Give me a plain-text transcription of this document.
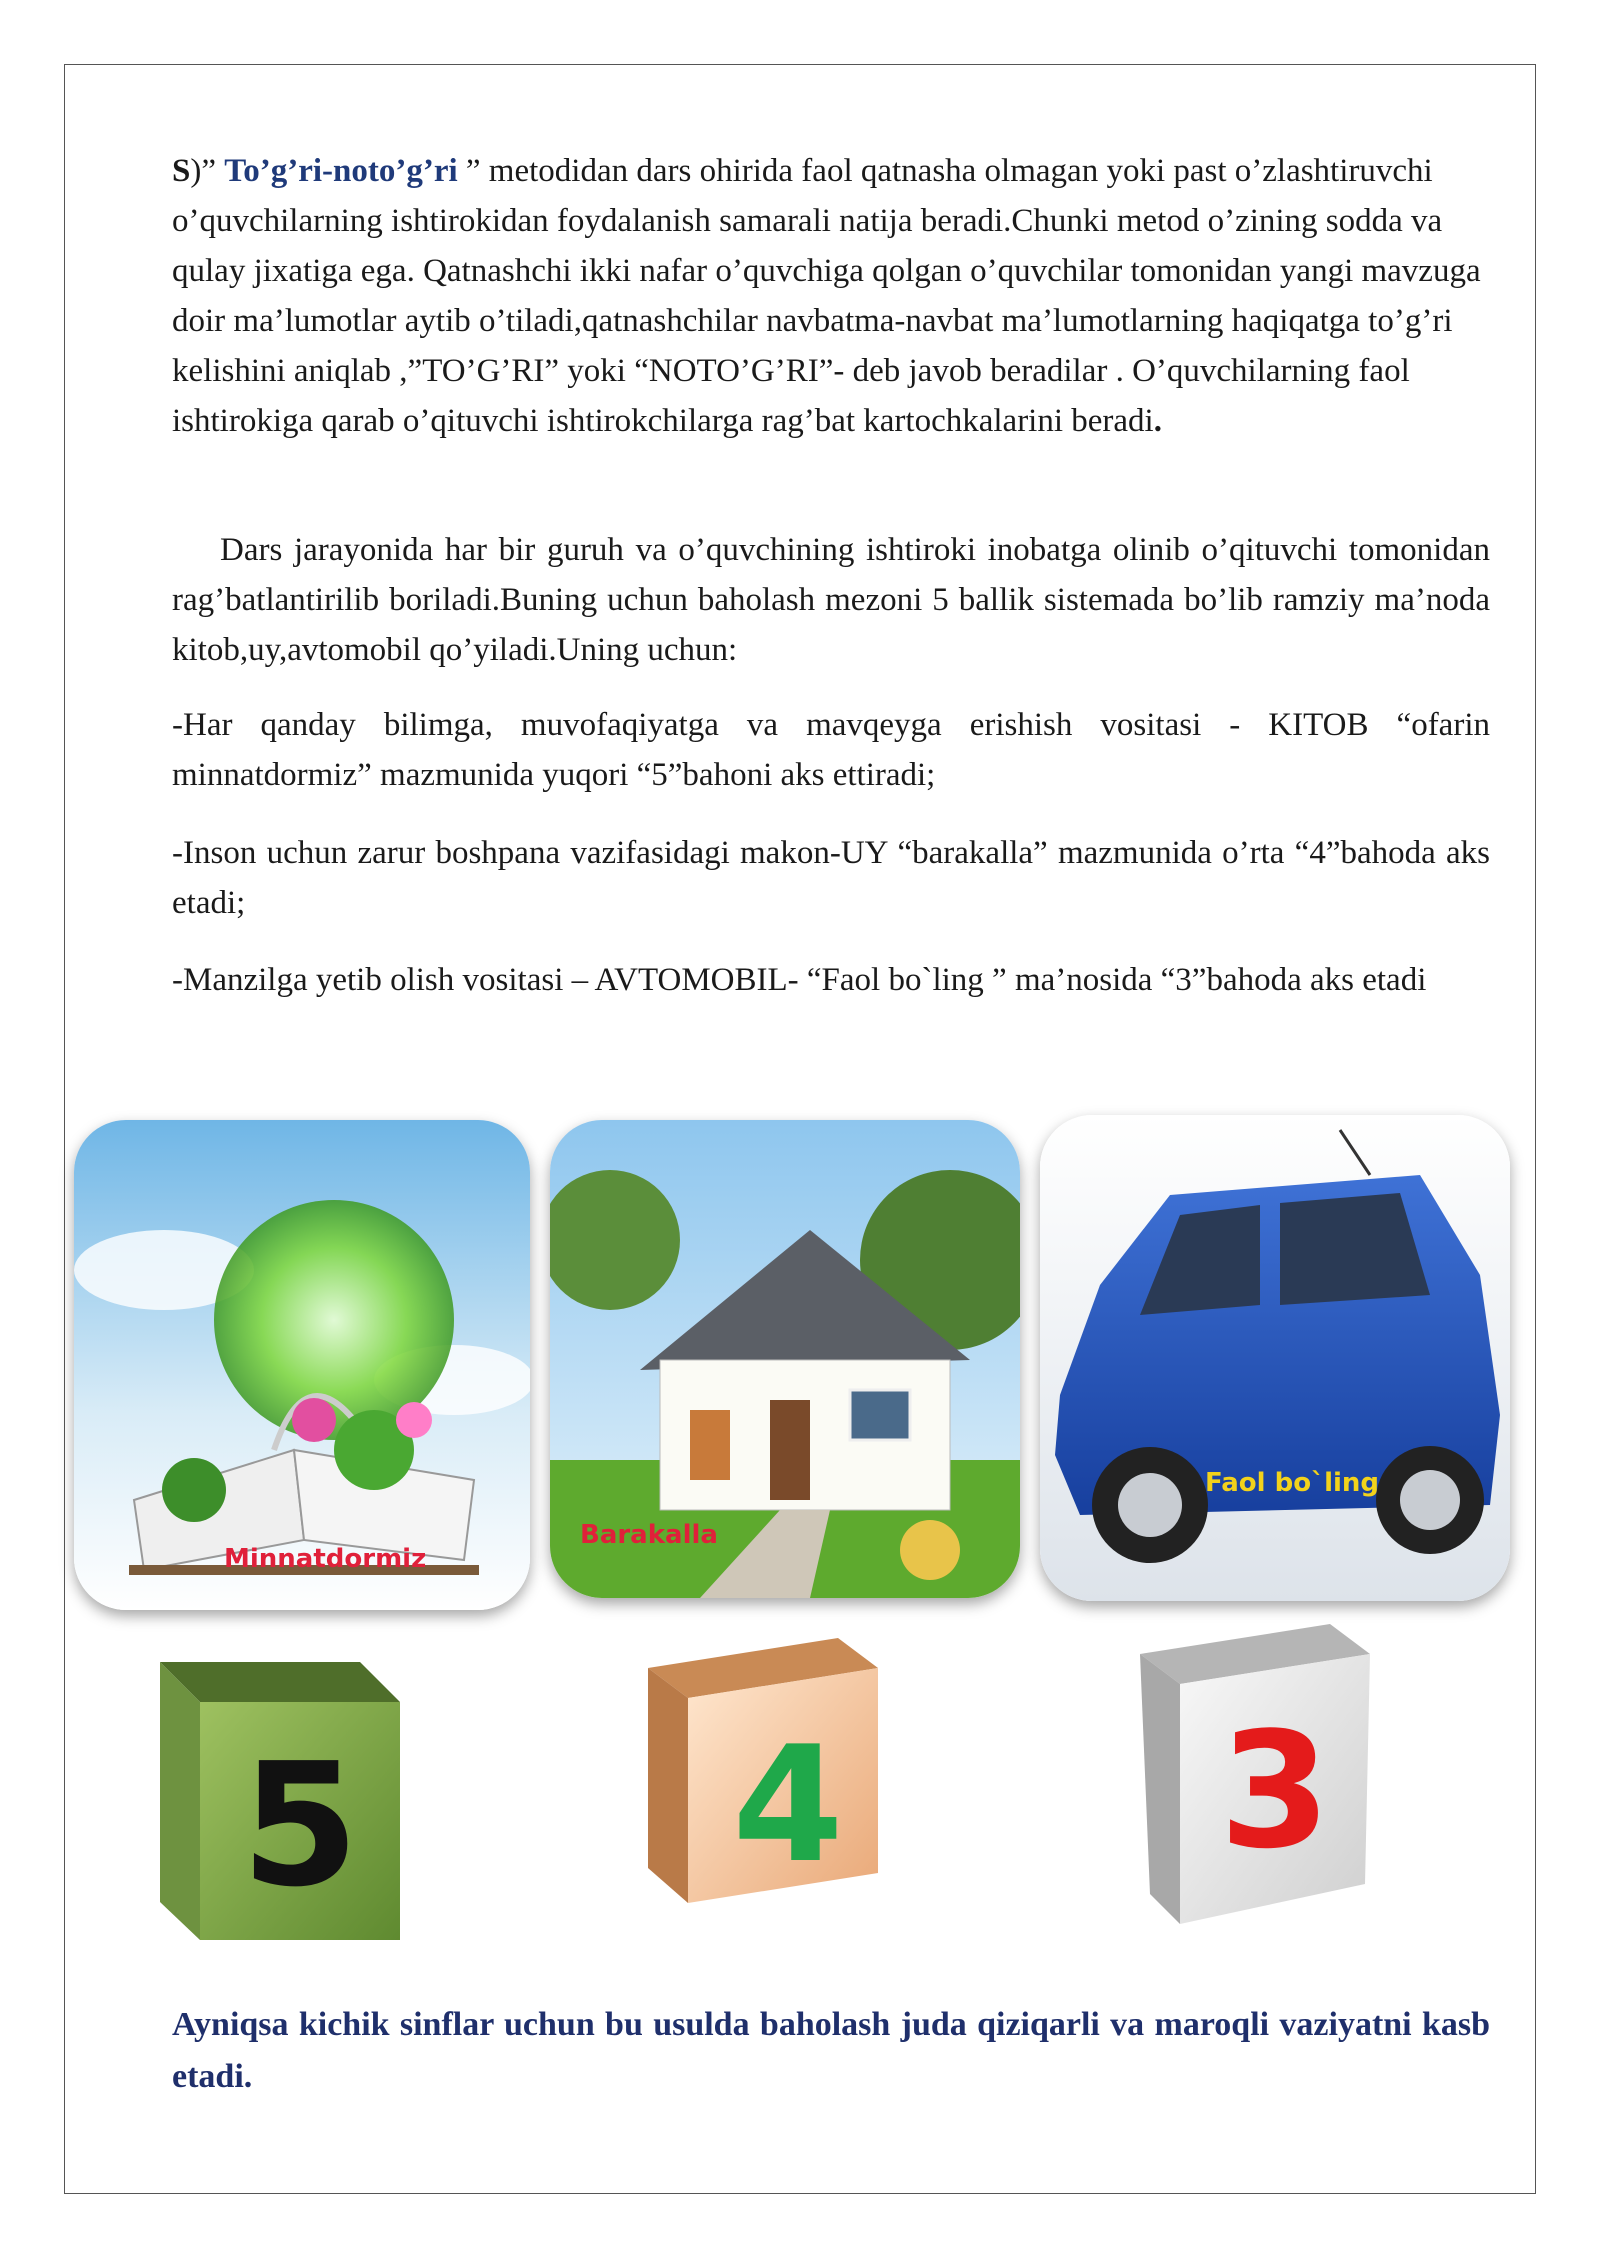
S)” To’g’ri-noto’g’ri ” metodidan dars ohirida faol qatnasha olmagan yoki past o’zlashtiruvchi o’quvchilarning ishtirokidan foydalanish samarali natija beradi.Chunki metod o’zining sodda va qulay jixatiga ega. Qatnashchi ikki nafar o’quvchiga qolgan o’quvchilar tomonidan yangi mavzuga doir ma’lumotlar aytib o’tiladi,qatnashchilar navbatma-navbat ma’lumotlarning haqiqatga to’g’ri kelishini aniqlab ,”TO’G’RI” yoki “NOTO’G’RI”- deb javob beradilar . O’quvchilarning faol ishtirokiga qarab o’qituvchi ishtirokchilarga rag’bat kartochkalarini beradi.
Dars jarayonida har bir guruh va o’quvchining ishtiroki inobatga olinib o’qituvchi tomonidan rag’batlantirilib boriladi.Buning uchun baholash mezoni 5 ballik sistemada bo’lib ramziy ma’noda kitob,uy,avtomobil qo’yiladi.Uning uchun:
-Har qanday bilimga, muvofaqiyatga va mavqeyga erishish vositasi - KITOB “ofarin minnatdormiz” mazmunida yuqori “5”bahoni aks ettiradi;
-Inson uchun zarur boshpana vazifasidagi makon-UY “barakalla” mazmunida o’rta “4”bahoda aks etadi;
-Manzilga yetib olish vositasi – AVTOMOBIL- “Faol bo`ling ” ma’nosida “3”bahoda aks etadi
Minnatdormiz
Barakalla
Faol bo`ling
5 4 3
Ayniqsa kichik sinflar uchun bu usulda baholash juda qiziqarli va maroqli vaziyatni kasb etadi.
